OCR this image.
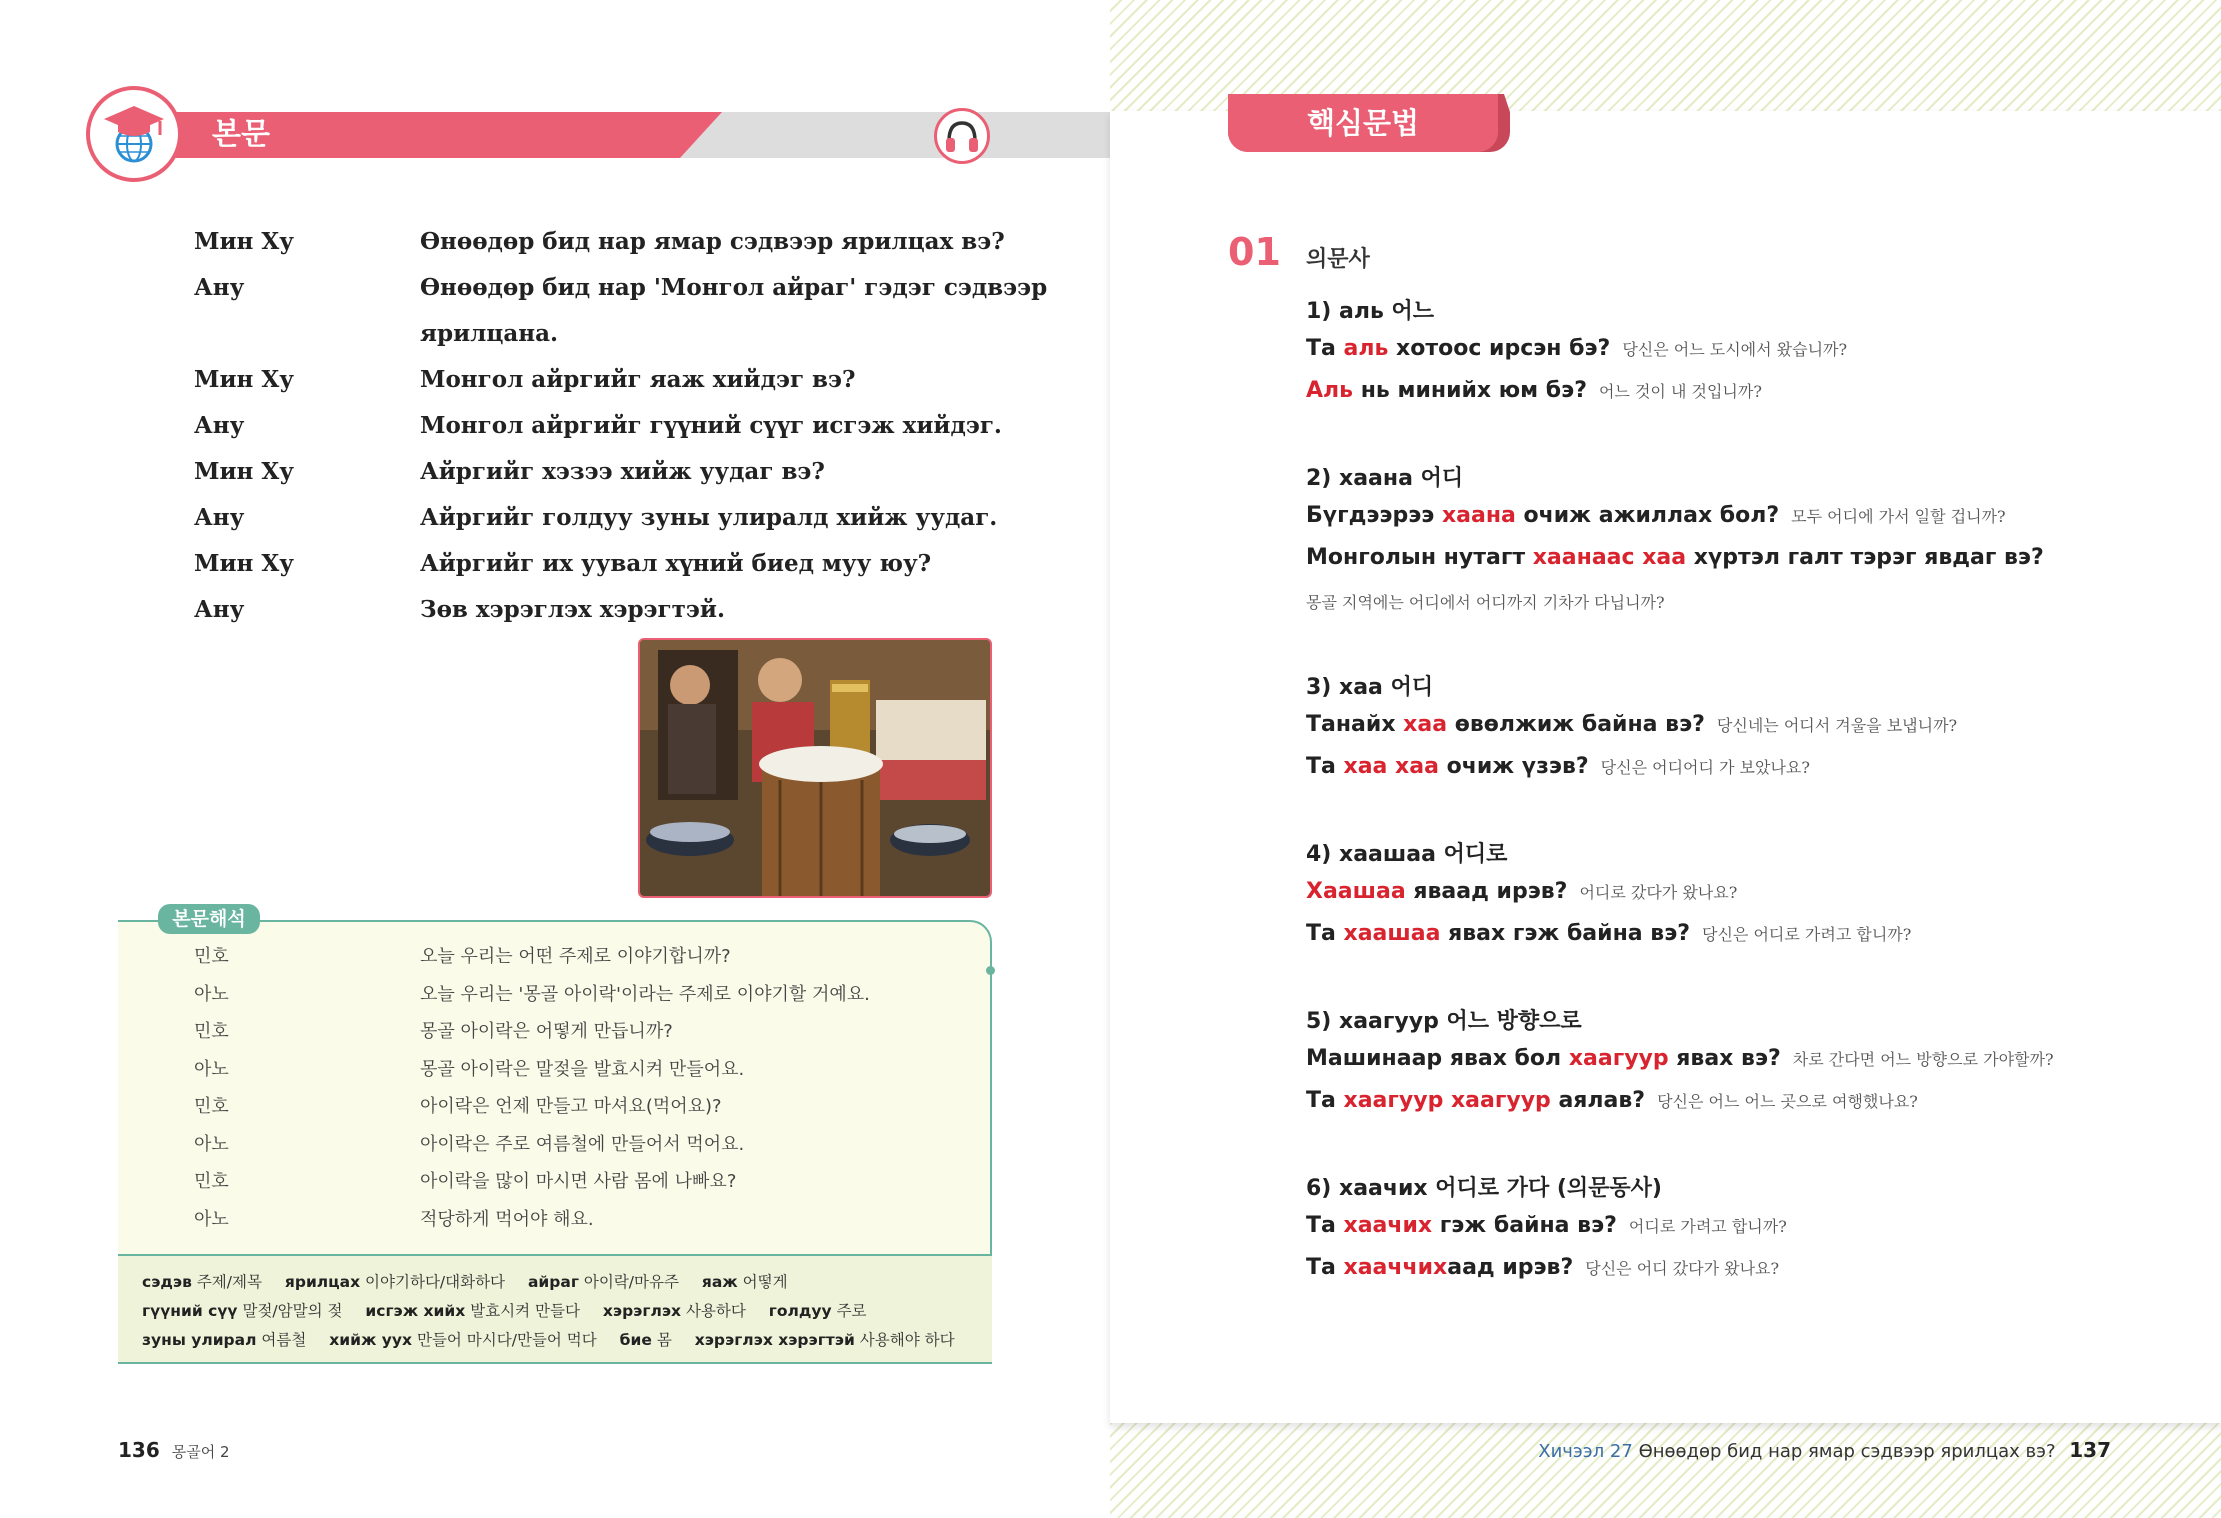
본문
Мин Ху	Өнөөдөр бид нар ямар сэдвээр ярилцах вэ?
Ану	Өнөөдөр бид нар 'Монгол айраг' гэдэг сэдвээр
ярилцана.
Мин Ху	Монгол айргийг яаж хийдэг вэ?
Ану	Монгол айргийг гүүний сүүг исгэж хийдэг.
Мин Ху	Айргийг хэзээ хийж уудаг вэ?
Ану	Айргийг голдуу зуны улиралд хийж уудаг.
Мин Ху	Айргийг их уувал хүний биед муу юу?
Ану	Зөв хэрэглэх хэрэгтэй.
본문해석
민호	오늘 우리는 어떤 주제로 이야기합니까?
아노	오늘 우리는 '몽골 아이락'이라는 주제로 이야기할 거예요.
민호	몽골 아이락은 어떻게 만듭니까?
아노	몽골 아이락은 말젖을 발효시켜 만들어요.
민호	아이락은 언제 만들고 마셔요(먹어요)?
아노	아이락은 주로 여름철에 만들어서 먹어요.
민호	아이락을 많이 마시면 사람 몸에 나빠요?
아노	적당하게 먹어야 해요.
сэдэв 주제/제목 ярилцах 이야기하다/대화하다 айраг 아이락/마유주 яаж 어떻게
гүүний сүү 말젖/암말의 젖 исгэж хийх 발효시켜 만들다 хэрэглэх 사용하다 голдуу 주로
зуны улирал 여름철 хийж уух 만들어 마시다/만들어 먹다 бие 몸 хэрэглэх хэрэгтэй 사용해야 하다
136 몽골어 2
핵심문법
01 의문사
1) аль 어느
Та аль хотоос ирсэн бэ? 당신은 어느 도시에서 왔습니까?
Аль нь минийх юм бэ? 어느 것이 내 것입니까?
2) хаана 어디
Бүгдээрээ хаана очиж ажиллах бол? 모두 어디에 가서 일할 겁니까?
Монголын нутагт хаанаас хаа хүртэл галт тэрэг явдаг вэ?
몽골 지역에는 어디에서 어디까지 기차가 다닙니까?
3) хаа 어디
Танайх хаа өвөлжиж байна вэ? 당신네는 어디서 겨울을 보냅니까?
Та хаа хаа очиж үзэв? 당신은 어디어디 가 보았나요?
4) хаашаа 어디로
Хаашаа яваад ирэв? 어디로 갔다가 왔나요?
Та хаашаа явах гэж байна вэ? 당신은 어디로 가려고 합니까?
5) хаагуур 어느 방향으로
Машинаар явах бол хаагуур явах вэ? 차로 간다면 어느 방향으로 가야할까?
Та хаагуур хаагуур аялав? 당신은 어느 어느 곳으로 여행했나요?
6) хаачих 어디로 가다 (의문동사)
Та хаачих гэж байна вэ? 어디로 가려고 합니까?
Та хааччихаад ирэв? 당신은 어디 갔다가 왔나요?
Хичээл 27 Өнөөдөр бид нар ямар сэдвээр ярилцах вэ? 137
